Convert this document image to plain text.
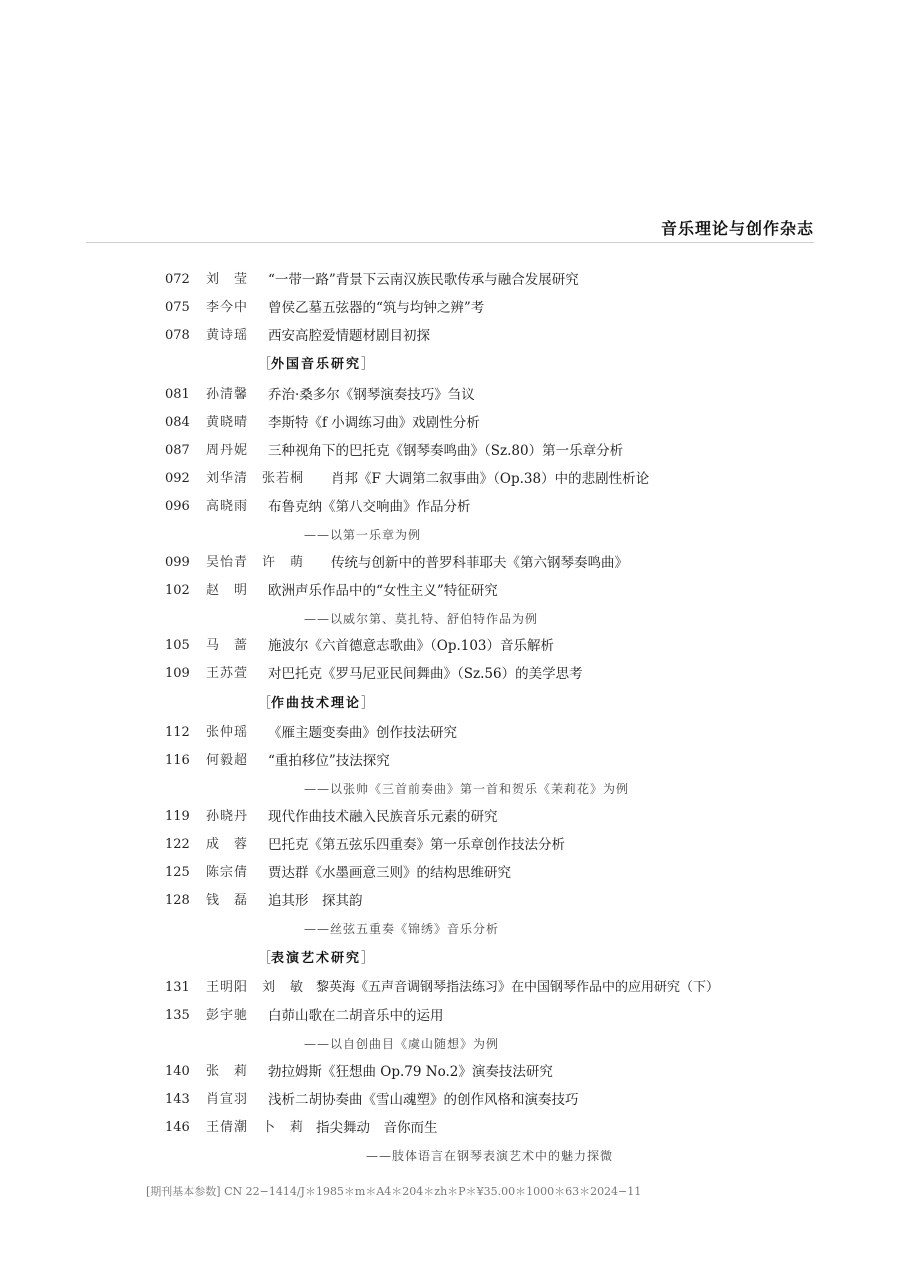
音乐理论与创作杂志
072	刘　莹 “一带一路”背景下云南汉族民歌传承与融合发展研究
075	李今中 曾侯乙墓五弦器的“筑与均钟之辨”考
078	黄诗瑶 西安高腔爱情题材剧目初探
［外国音乐研究］
081	孙清馨 乔治·桑多尔《钢琴演奏技巧》刍议
084	黄晓晴 李斯特《f 小调练习曲》戏剧性分析
087	周丹妮 三种视角下的巴托克《钢琴奏鸣曲》（Sz.80）第一乐章分析
092	刘华清　张若桐 肖邦《F 大调第二叙事曲》（Op.38）中的悲剧性析论
096	高晓雨 布鲁克纳《第八交响曲》作品分析
——以第一乐章为例
099	吴怡青　许　萌 传统与创新中的普罗科菲耶夫《第六钢琴奏鸣曲》
102	赵　明 欧洲声乐作品中的“女性主义”特征研究
——以威尔第、莫扎特、舒伯特作品为例
105	马　蔷 施波尔《六首德意志歌曲》（Op.103）音乐解析
109	王苏萱 对巴托克《罗马尼亚民间舞曲》（Sz.56）的美学思考
［作曲技术理论］
112	张仲瑶 《雁主题变奏曲》创作技法研究
116	何毅超 “重拍移位”技法探究
——以张帅《三首前奏曲》第一首和贺乐《茉莉花》为例
119	孙晓丹 现代作曲技术融入民族音乐元素的研究
122	成　蓉 巴托克《第五弦乐四重奏》第一乐章创作技法分析
125	陈宗倩 贾达群《水墨画意三则》的结构思维研究
128	钱　磊 追其形　探其韵
——丝弦五重奏《锦绣》音乐分析
［表演艺术研究］
131	王明阳　刘　敏 黎英海《五声音调钢琴指法练习》在中国钢琴作品中的应用研究（下）
135	彭宇驰 白茆山歌在二胡音乐中的运用
——以自创曲目《虞山随想》为例
140	张　莉 勃拉姆斯《狂想曲 Op.79 No.2》演奏技法研究
143	肖宣羽 浅析二胡协奏曲《雪山魂塑》的创作风格和演奏技巧
146	王倩潮　卜　莉 指尖舞动　音你而生
——肢体语言在钢琴表演艺术中的魅力探微
[期刊基本参数] CN 22−1414/J＊1985＊m＊A4＊204＊zh＊P＊¥35.00＊1000＊63＊2024−11
